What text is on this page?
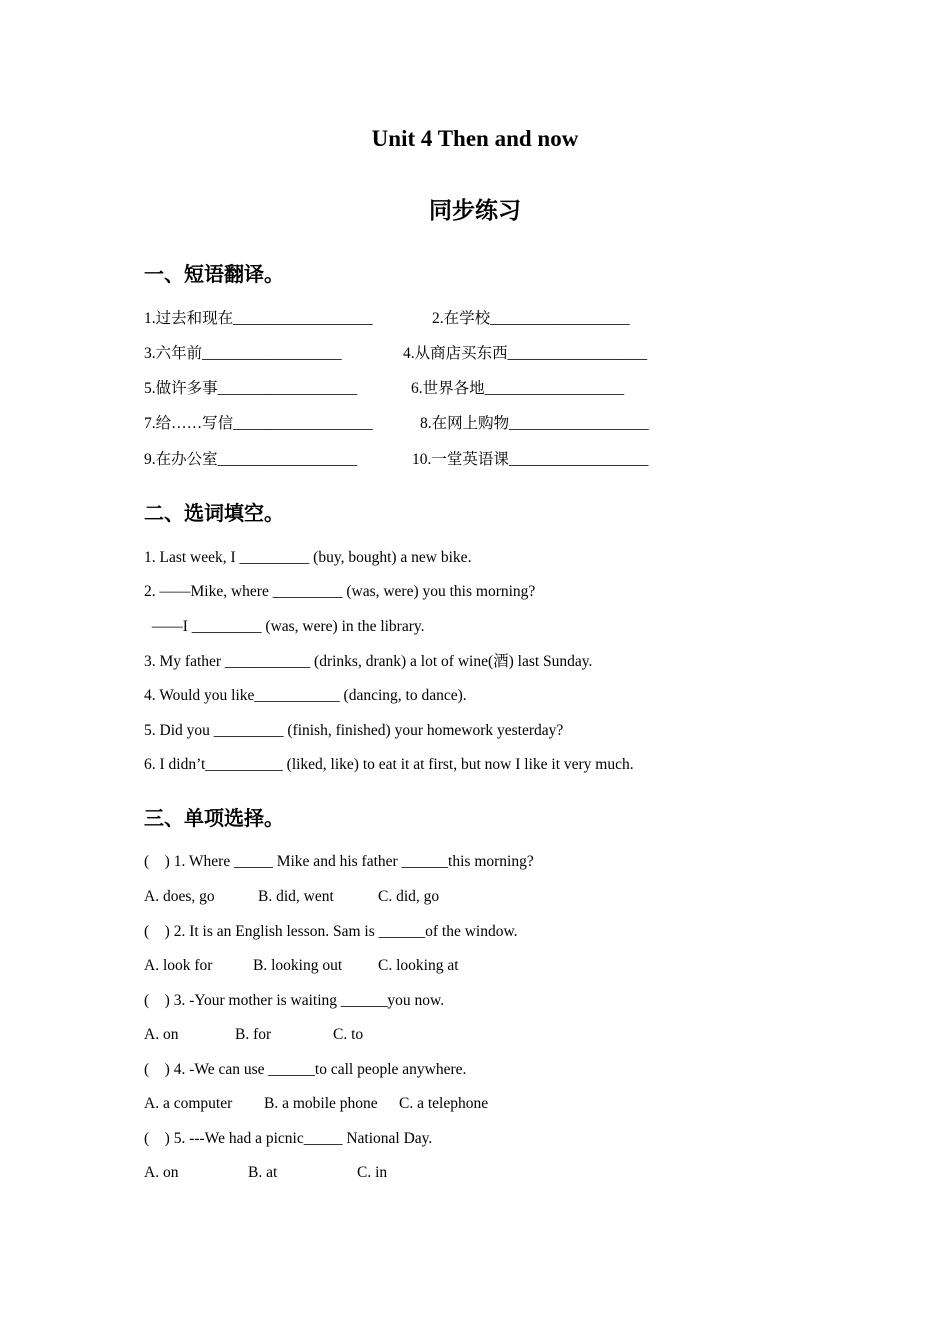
Unit 4 Then and now
同步练习
一、短语翻译。
1.过去和现在__________________	2.在学校__________________
3.六年前__________________	4.从商店买东西__________________
5.做许多事__________________	6.世界各地__________________
7.给……写信__________________	8.在网上购物__________________
9.在办公室__________________	10.一堂英语课__________________
二、选词填空。
1. Last week, I _________ (buy, bought) a new bike.
2. ——Mike, where _________ (was, were) you this morning?
——I _________ (was, were) in the library.
3. My father ___________ (drinks, drank) a lot of wine(酒) last Sunday.
4. Would you like___________ (dancing, to dance).
5. Did you _________ (finish, finished) your homework yesterday?
6. I didn’t__________ (liked, like) to eat it at first, but now I like it very much.
三、单项选择。
(    ) 1. Where _____ Mike and his father ______this morning?
A. does, go	B. did, went	C. did, go
(    ) 2. It is an English lesson. Sam is ______of the window.
A. look for	B. looking out C. looking at
(    ) 3. -Your mother is waiting ______you now.
A. on	B. for	C. to
(    ) 4. -We can use ______to call people anywhere.
A. a computer B. a mobile phone C. a telephone
(    ) 5. ---We had a picnic_____ National Day.
A. on	B. at	C. in
